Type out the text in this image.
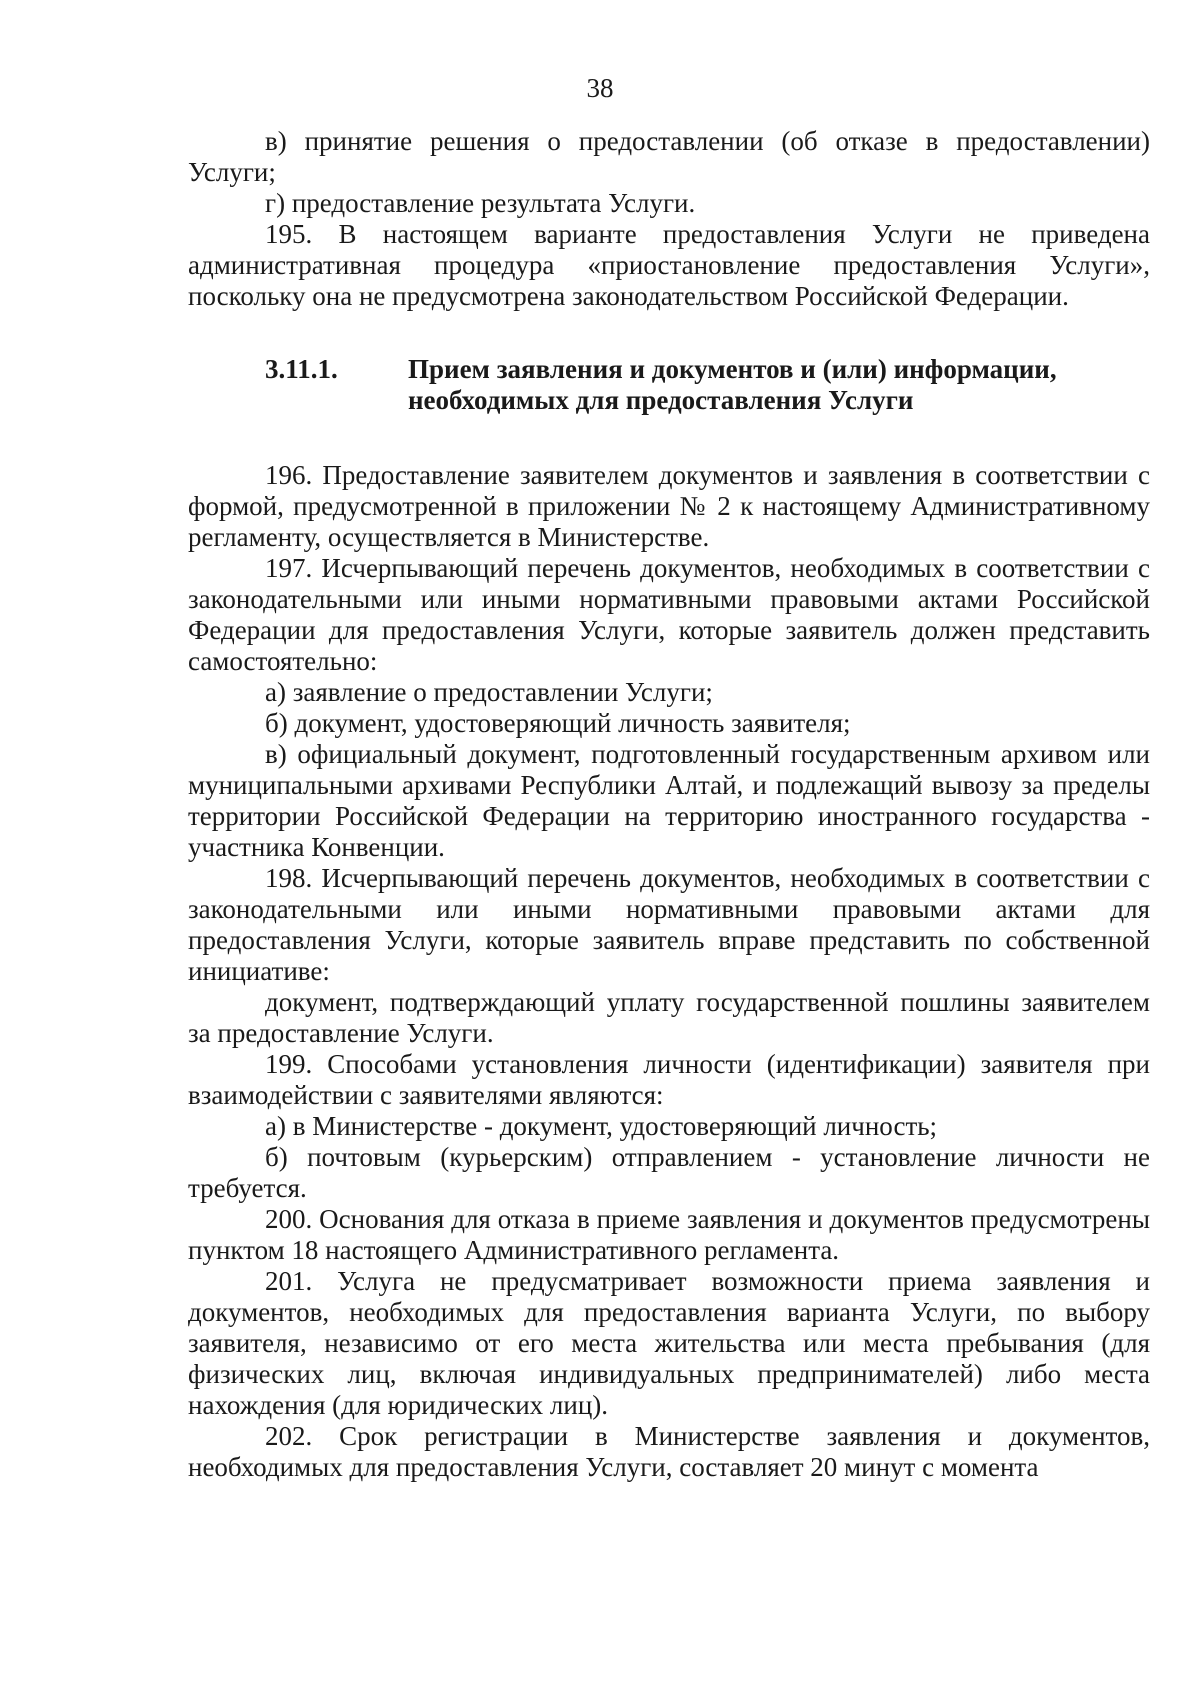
38

в) принятие решения о предоставлении (об отказе в предоставлении) Услуги;

г) предоставление результата Услуги.

195. В настоящем варианте предоставления Услуги не приведена административная процедура «приостановление предоставления Услуги», поскольку она не предусмотрена законодательством Российской Федерации.

3.11.1.	Прием заявления и документов и (или) информации, необходимых для предоставления Услуги

196. Предоставление заявителем документов и заявления в соответствии с формой, предусмотренной в приложении № 2 к настоящему Административному регламенту, осуществляется в Министерстве.

197. Исчерпывающий перечень документов, необходимых в соответствии с законодательными или иными нормативными правовыми актами Российской Федерации для предоставления Услуги, которые заявитель должен представить самостоятельно:

а) заявление о предоставлении Услуги;

б) документ, удостоверяющий личность заявителя;

в) официальный документ, подготовленный государственным архивом или муниципальными архивами Республики Алтай, и подлежащий вывозу за пределы территории Российской Федерации на территорию иностранного государства - участника Конвенции.

198. Исчерпывающий перечень документов, необходимых в соответствии с законодательными или иными нормативными правовыми актами для предоставления Услуги, которые заявитель вправе представить по собственной инициативе:

документ, подтверждающий уплату государственной пошлины заявителем за предоставление Услуги.

199. Способами установления личности (идентификации) заявителя при взаимодействии с заявителями являются:

а) в Министерстве - документ, удостоверяющий личность;

б) почтовым (курьерским) отправлением - установление личности не требуется.

200. Основания для отказа в приеме заявления и документов предусмотрены пунктом 18 настоящего Административного регламента.

201. Услуга не предусматривает возможности приема заявления и документов, необходимых для предоставления варианта Услуги, по выбору заявителя, независимо от его места жительства или места пребывания (для физических лиц, включая индивидуальных предпринимателей) либо места нахождения (для юридических лиц).

202. Срок регистрации в Министерстве заявления и документов, необходимых для предоставления Услуги, составляет 20 минут с момента
